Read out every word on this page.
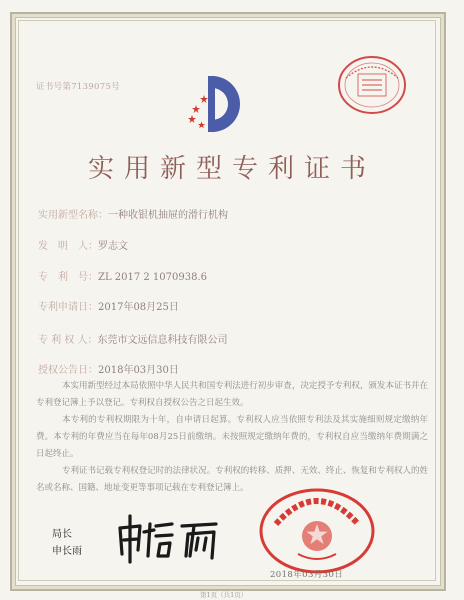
证书号第7139075号
实用新型专利证书
实用新型名称：一种收银机抽屉的滑行机构
发　明　人：罗志文
专　利　号：ZL 2017 2 1070938.6
专利申请日：2017年08月25日
专 利 权 人：东莞市文远信息科技有限公司
授权公告日：2018年03月30日

本实用新型经过本局依照中华人民共和国专利法进行初步审查，决定授予专利权，颁发本证书并在专利登记簿上予以登记。专利权自授权公告之日起生效。

本专利的专利权期限为十年，自申请日起算。专利权人应当依照专利法及其实施细则规定缴纳年费。本专利的年费应当在每年08月25日前缴纳。未按照规定缴纳年费的，专利权自应当缴纳年费期满之日起终止。

专利证书记载专利权登记时的法律状况。专利权的转移、质押、无效、终止、恢复和专利权人的姓名或名称、国籍、地址变更等事项记载在专利登记簿上。

局长
申长雨
2018年03月30日
第1页（共1页）
